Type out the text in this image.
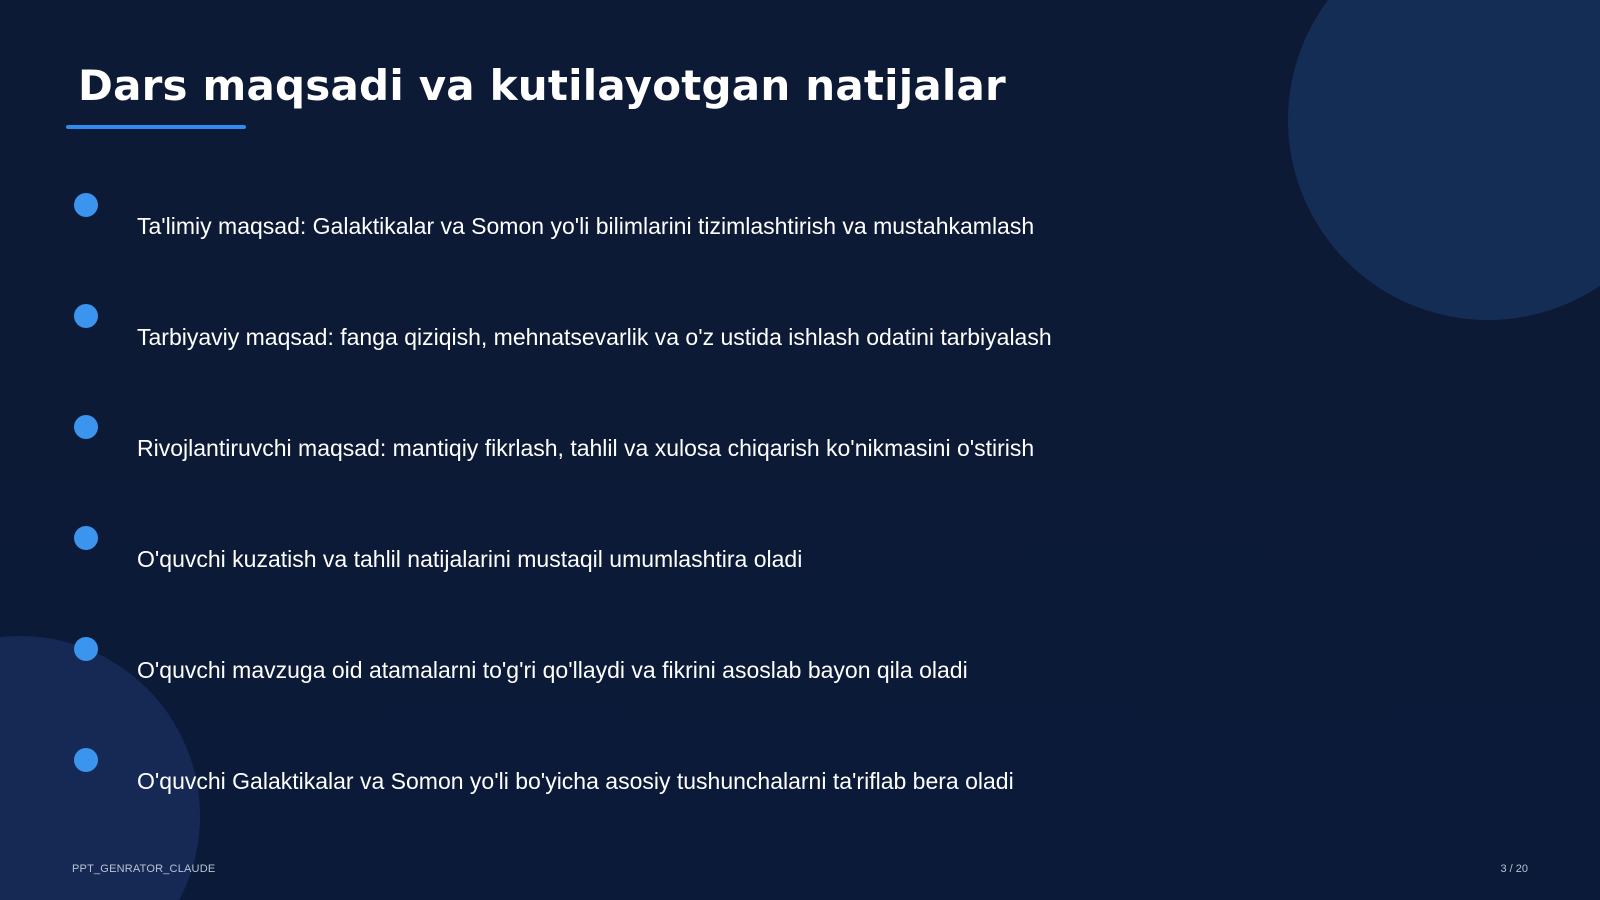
Dars maqsadi va kutilayotgan natijalar
Ta'limiy maqsad: Galaktikalar va Somon yo'li bilimlarini tizimlashtirish va mustahkamlash
Tarbiyaviy maqsad: fanga qiziqish, mehnatsevarlik va o'z ustida ishlash odatini tarbiyalash
Rivojlantiruvchi maqsad: mantiqiy fikrlash, tahlil va xulosa chiqarish ko'nikmasini o'stirish
O'quvchi kuzatish va tahlil natijalarini mustaqil umumlashtira oladi
O'quvchi mavzuga oid atamalarni to'g'ri qo'llaydi va fikrini asoslab bayon qila oladi
O'quvchi Galaktikalar va Somon yo'li bo'yicha asosiy tushunchalarni ta'riflab bera oladi
PPT_GENRATOR_CLAUDE	3 / 20
